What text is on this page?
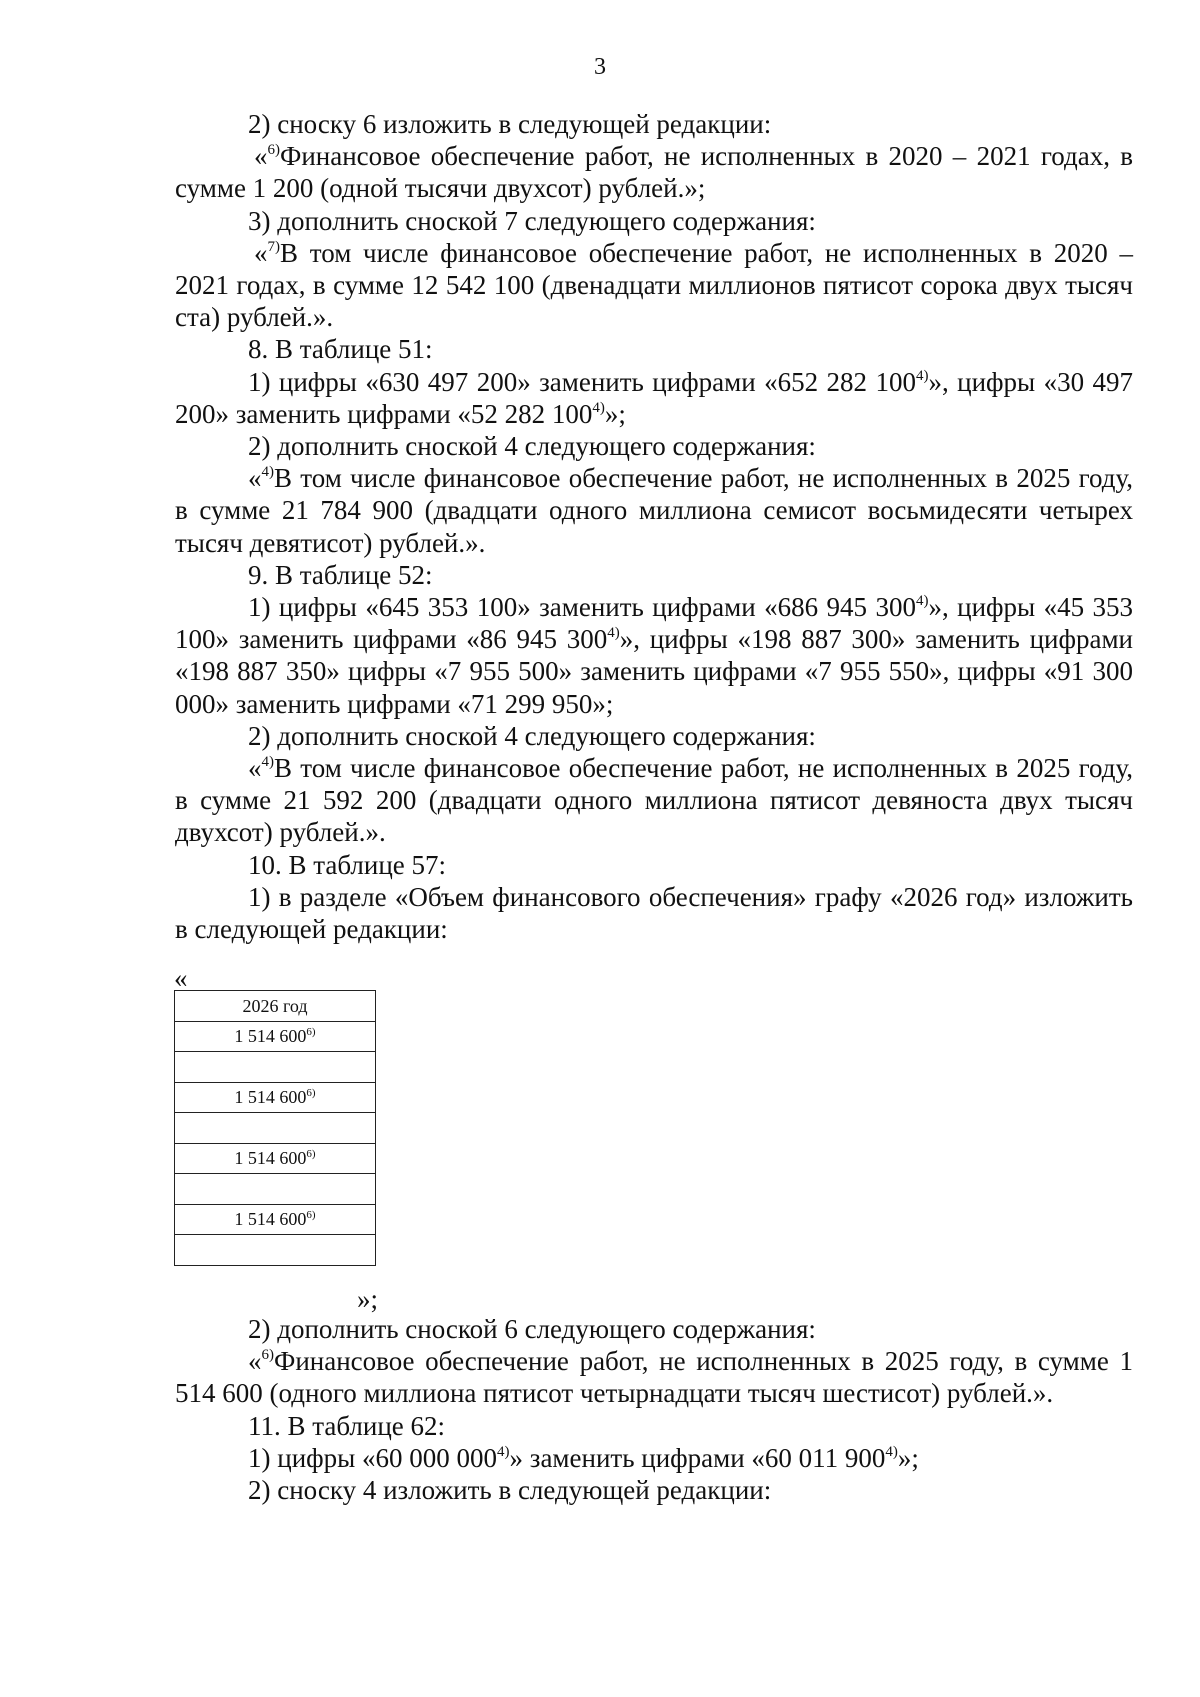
3

2) сноску 6 изложить в следующей редакции:

«$^{6)}$Финансовое обеспечение работ, не исполненных в 2020 – 2021 годах, в сумме 1 200 (одной тысячи двухсот) рублей.»;

3) дополнить сноской 7 следующего содержания:

«$^{7)}$В том числе финансовое обеспечение работ, не исполненных в 2020 – 2021 годах, в сумме 12 542 100 (двенадцати миллионов пятисот сорока двух тысяч ста) рублей.».

8. В таблице 51:

1) цифры «630 497 200» заменить цифрами «652 282 100$^{4)}$», цифры «30 497 200» заменить цифрами «52 282 100$^{4)}$»;

2) дополнить сноской 4 следующего содержания:

«$^{4)}$В том числе финансовое обеспечение работ, не исполненных в 2025 году, в сумме 21 784 900 (двадцати одного миллиона семисот восьмидесяти четырех тысяч девятисот) рублей.».

9. В таблице 52:

1) цифры «645 353 100» заменить цифрами «686 945 300$^{4)}$», цифры «45 353 100» заменить цифрами «86 945 300$^{4)}$», цифры «198 887 300» заменить цифрами «198 887 350» цифры «7 955 500» заменить цифрами «7 955 550», цифры «91 300 000» заменить цифрами «71 299 950»;

2) дополнить сноской 4 следующего содержания:

«$^{4)}$В том числе финансовое обеспечение работ, не исполненных в 2025 году, в сумме 21 592 200 (двадцати одного миллиона пятисот девяноста двух тысяч двухсот) рублей.».

10. В таблице 57:

1) в разделе «Объем финансового обеспечения» графу «2026 год» изложить в следующей редакции:

«
2026 год
1 514 600$^{6)}$

1 514 600$^{6)}$

1 514 600$^{6)}$

1 514 600$^{6)}$

»;

2) дополнить сноской 6 следующего содержания:

«$^{6)}$Финансовое обеспечение работ, не исполненных в 2025 году, в сумме 1 514 600 (одного миллиона пятисот четырнадцати тысяч шестисот) рублей.».

11. В таблице 62:

1) цифры «60 000 000$^{4)}$» заменить цифрами «60 011 900$^{4)}$»;

2) сноску 4 изложить в следующей редакции:
